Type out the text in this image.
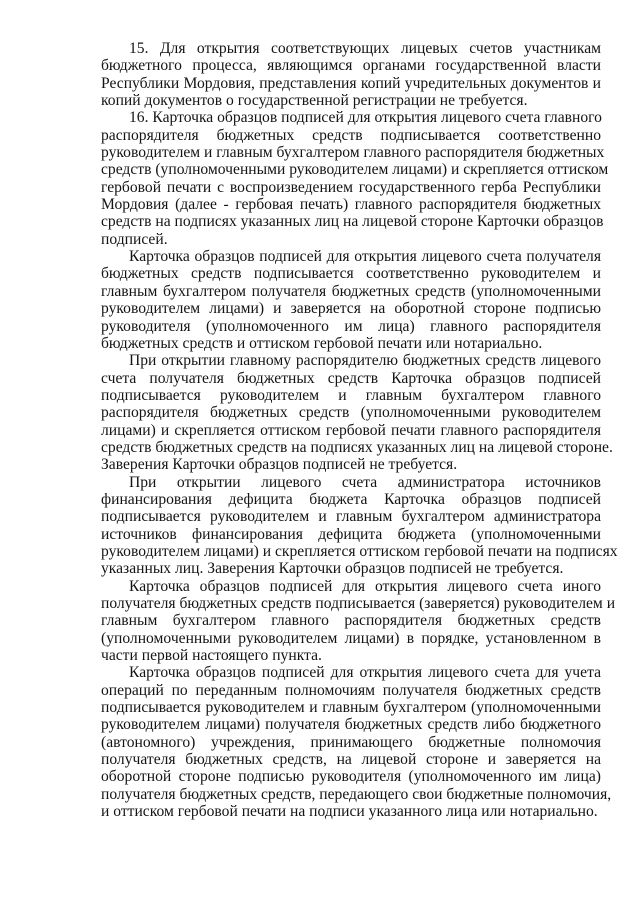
15. Для открытия соответствующих лицевых счетов участникам
бюджетного процесса, являющимся органами государственной власти
Республики Мордовия, представления копий учредительных документов и
копий документов о государственной регистрации не требуется.
16. Карточка образцов подписей для открытия лицевого счета главного
распорядителя бюджетных средств подписывается соответственно
руководителем и главным бухгалтером главного распорядителя бюджетных
средств (уполномоченными руководителем лицами) и скрепляется оттиском
гербовой печати с воспроизведением государственного герба Республики
Мордовия (далее - гербовая печать) главного распорядителя бюджетных
средств на подписях указанных лиц на лицевой стороне Карточки образцов
подписей.
Карточка образцов подписей для открытия лицевого счета получателя
бюджетных средств подписывается соответственно руководителем и
главным бухгалтером получателя бюджетных средств (уполномоченными
руководителем лицами) и заверяется на оборотной стороне подписью
руководителя (уполномоченного им лица) главного распорядителя
бюджетных средств и оттиском гербовой печати или нотариально.
При открытии главному распорядителю бюджетных средств лицевого
счета получателя бюджетных средств Карточка образцов подписей
подписывается руководителем и главным бухгалтером главного
распорядителя бюджетных средств (уполномоченными руководителем
лицами) и скрепляется оттиском гербовой печати главного распорядителя
средств бюджетных средств на подписях указанных лиц на лицевой стороне.
Заверения Карточки образцов подписей не требуется.
При открытии лицевого счета администратора источников
финансирования дефицита бюджета Карточка образцов подписей
подписывается руководителем и главным бухгалтером администратора
источников финансирования дефицита бюджета (уполномоченными
руководителем лицами) и скрепляется оттиском гербовой печати на подписях
указанных лиц. Заверения Карточки образцов подписей не требуется.
Карточка образцов подписей для открытия лицевого счета иного
получателя бюджетных средств подписывается (заверяется) руководителем и
главным бухгалтером главного распорядителя бюджетных средств
(уполномоченными руководителем лицами) в порядке, установленном в
части первой настоящего пункта.
Карточка образцов подписей для открытия лицевого счета для учета
операций по переданным полномочиям получателя бюджетных средств
подписывается руководителем и главным бухгалтером (уполномоченными
руководителем лицами) получателя бюджетных средств либо бюджетного
(автономного) учреждения, принимающего бюджетные полномочия
получателя бюджетных средств, на лицевой стороне и заверяется на
оборотной стороне подписью руководителя (уполномоченного им лица)
получателя бюджетных средств, передающего свои бюджетные полномочия,
и оттиском гербовой печати на подписи указанного лица или нотариально.
